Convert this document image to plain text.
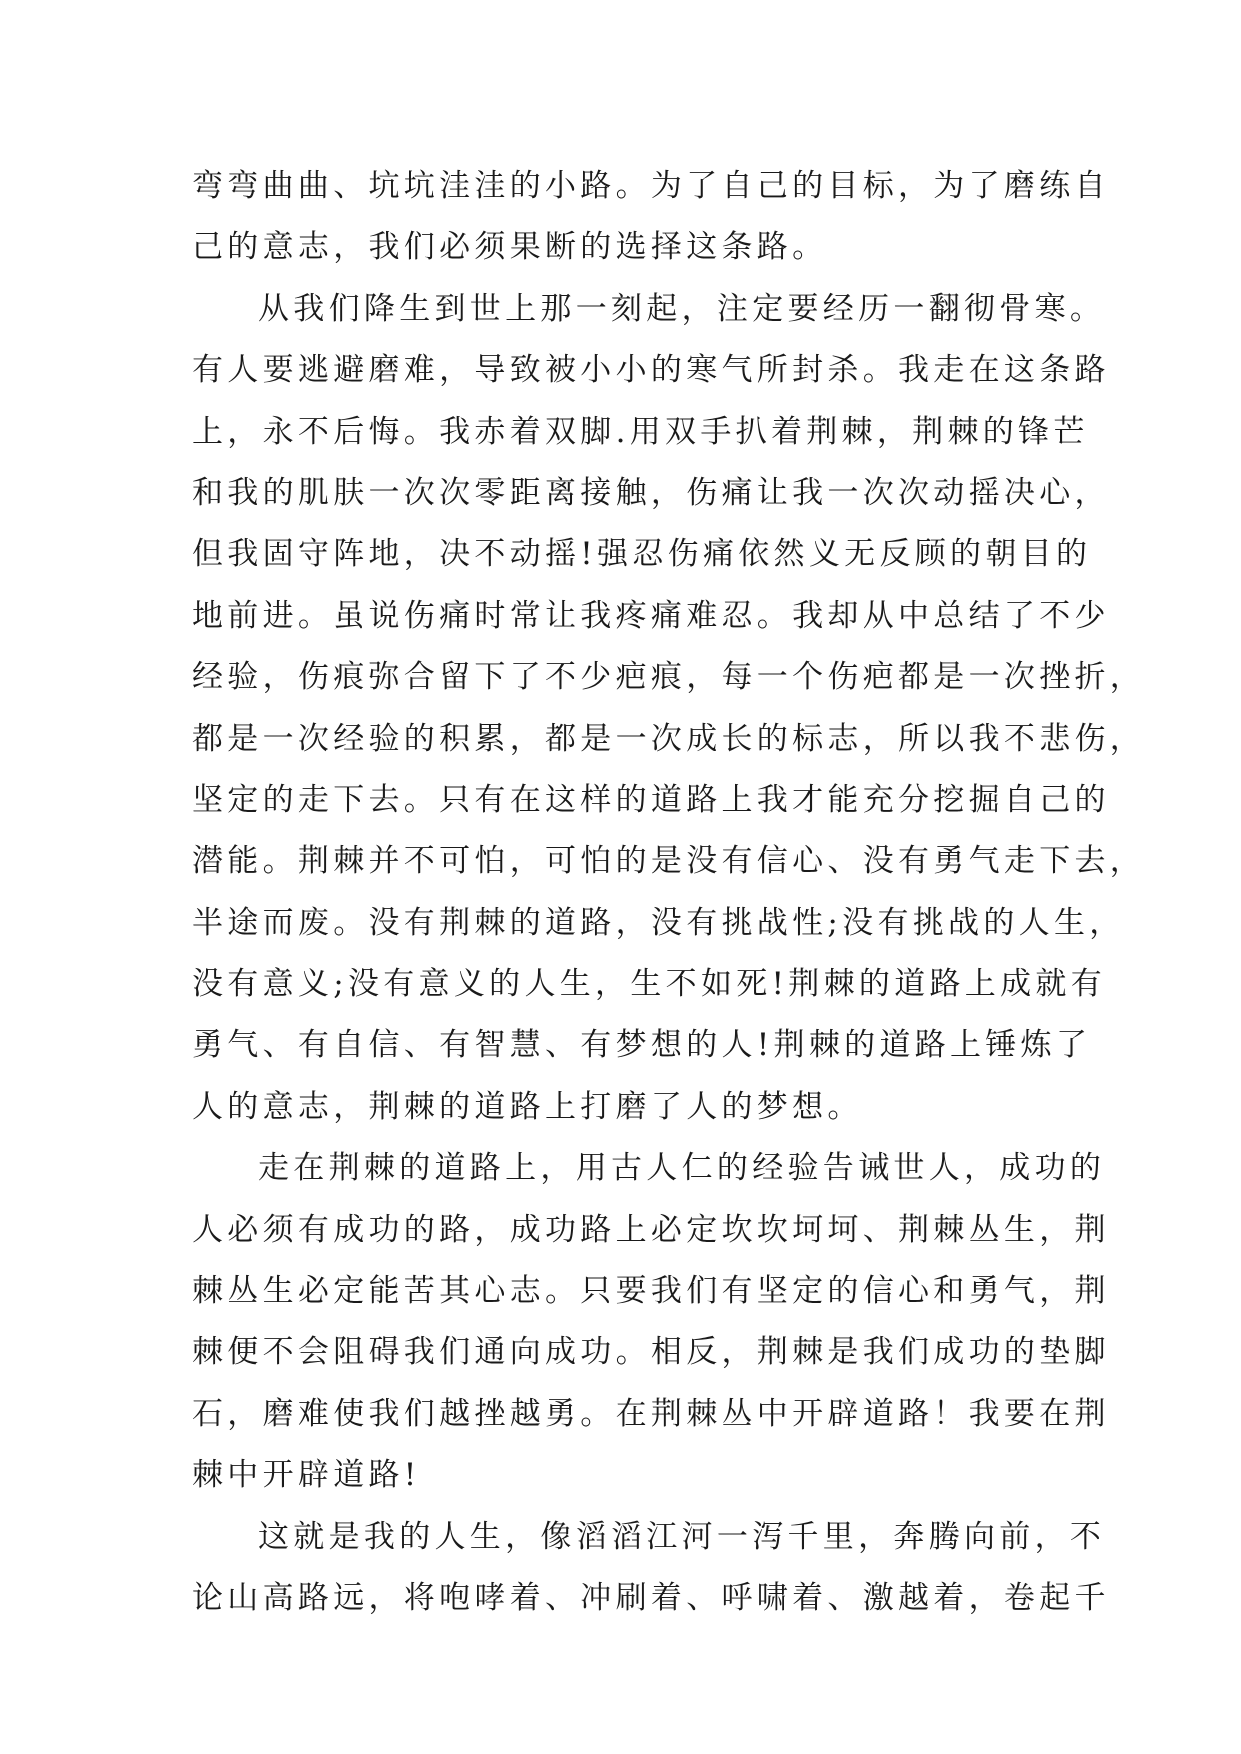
弯弯曲曲、坑坑洼洼的小路。为了自己的目标，为了磨练自
己的意志，我们必须果断的选择这条路。
从我们降生到世上那一刻起，注定要经历一翻彻骨寒。
有人要逃避磨难，导致被小小的寒气所封杀。我走在这条路
上，永不后悔。我赤着双脚.用双手扒着荆棘，荆棘的锋芒
和我的肌肤一次次零距离接触，伤痛让我一次次动摇决心，
但我固守阵地，决不动摇!强忍伤痛依然义无反顾的朝目的
地前进。虽说伤痛时常让我疼痛难忍。我却从中总结了不少
经验，伤痕弥合留下了不少疤痕，每一个伤疤都是一次挫折，
都是一次经验的积累，都是一次成长的标志，所以我不悲伤，
坚定的走下去。只有在这样的道路上我才能充分挖掘自己的
潜能。荆棘并不可怕，可怕的是没有信心、没有勇气走下去，
半途而废。没有荆棘的道路，没有挑战性;没有挑战的人生，
没有意义;没有意义的人生，生不如死!荆棘的道路上成就有
勇气、有自信、有智慧、有梦想的人!荆棘的道路上锤炼了
人的意志，荆棘的道路上打磨了人的梦想。
走在荆棘的道路上，用古人仁的经验告诫世人，成功的
人必须有成功的路，成功路上必定坎坎坷坷、荆棘丛生，荆
棘丛生必定能苦其心志。只要我们有坚定的信心和勇气，荆
棘便不会阻碍我们通向成功。相反，荆棘是我们成功的垫脚
石，磨难使我们越挫越勇。在荆棘丛中开辟道路！我要在荆
棘中开辟道路!
这就是我的人生，像滔滔江河一泻千里，奔腾向前，不
论山高路远，将咆哮着、冲刷着、呼啸着、激越着，卷起千
